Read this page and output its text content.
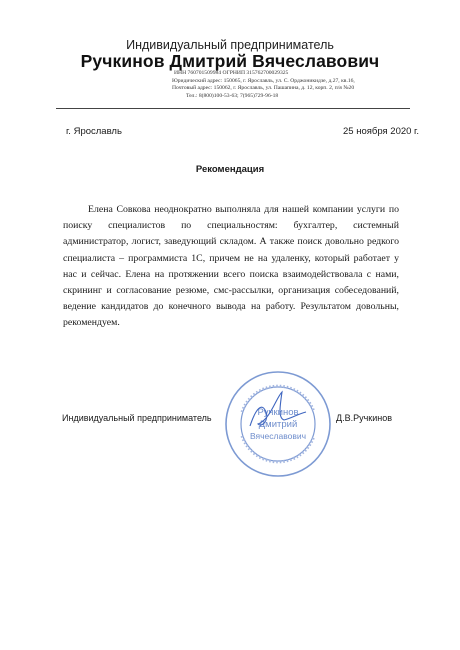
Индивидуальный предприниматель
Ручкинов Дмитрий Вячеславович
ИНН 760701509984 ОГРНИП 315762700029325
Юридический адрес: 150065, г. Ярославль, ул. С. Орджоникидзе, д.27, кв.16,
Почтовый адрес: 150062, г. Ярославль, ул. Пашапина, д. 12, корп. 2, п/я №20
Тел.: 8(800)100-53-63; 7(965)729-96-18
г. Ярославль	25 ноября 2020 г.
Рекомендация
Елена Совкова неоднократно выполняла для нашей компании услуги по поиску специалистов по специальностям: бухгалтер, системный администратор, логист, заведующий складом. А также поиск довольно редкого специалиста – программиста 1С, причем не на удаленку, который работает у нас и сейчас. Елена на протяжении всего поиска взаимодействовала с нами, скрининг и согласование резюме, смс-рассылки, организация собеседований, ведение кандидатов до конечного вывода на работу. Результатом довольны, рекомендуем.
Индивидуальный предприниматель	Д.В.Ручкинов
Ручкинов
Дмитрий
Вячеславович
